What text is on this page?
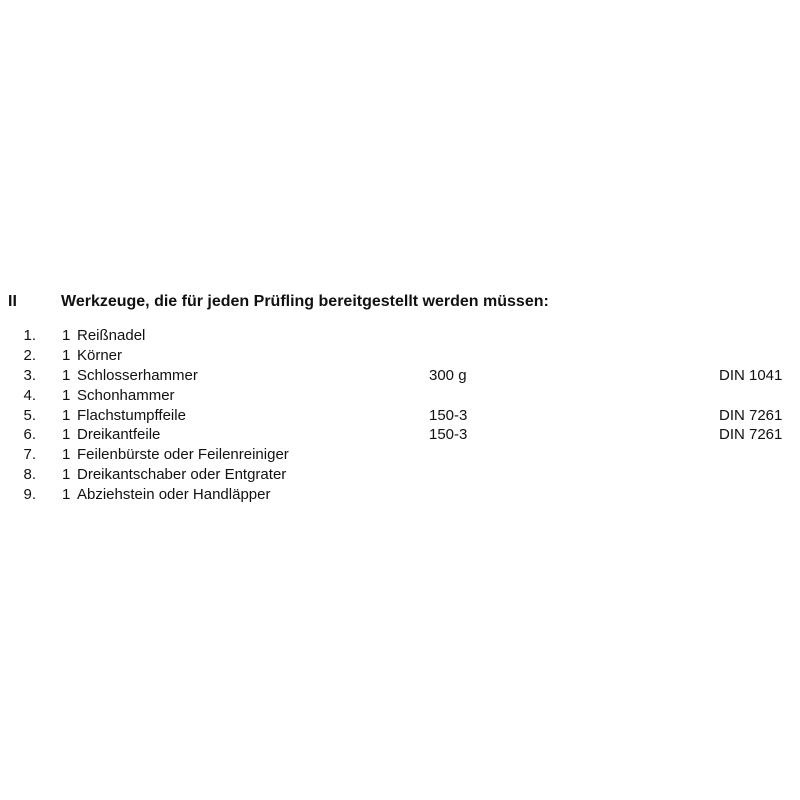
II	Werkzeuge, die für jeden Prüfling bereitgestellt werden müssen:
1. 1 Reißnadel
2. 1 Körner
3. 1 Schlosserhammer	300 g	DIN 1041
4. 1 Schonhammer
5. 1 Flachstumpffeile	150-3	DIN 7261
6. 1 Dreikantfeile	150-3	DIN 7261
7. 1 Feilenbürste oder Feilenreiniger
8. 1 Dreikantschaber oder Entgrater
9. 1 Abziehstein oder Handläpper
